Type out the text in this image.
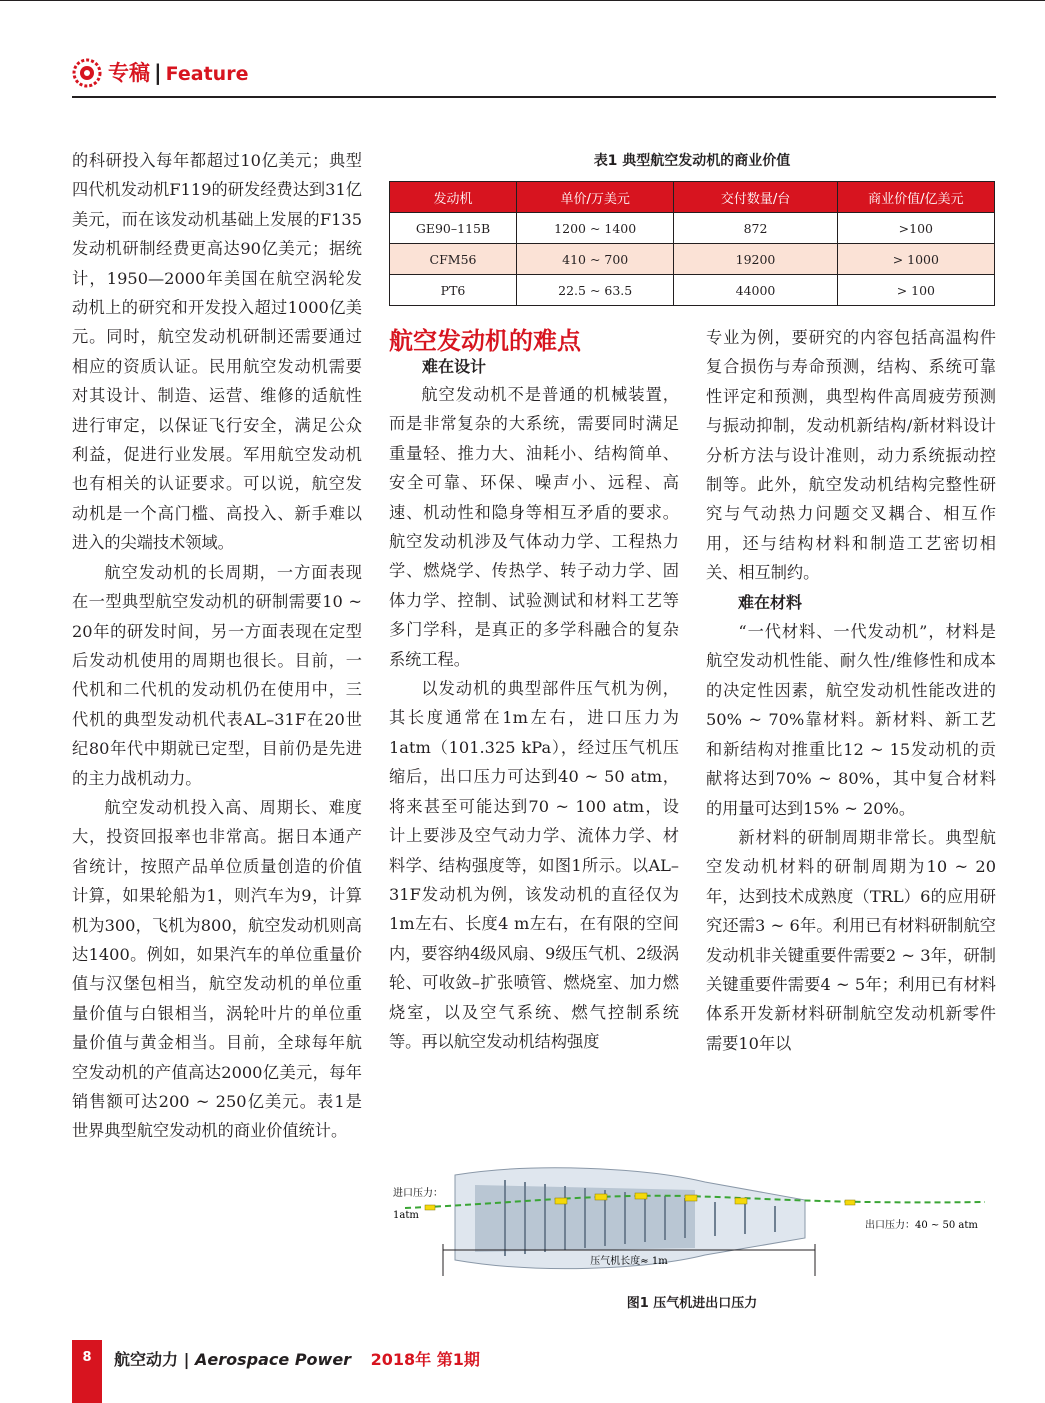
专稿 | Feature

的科研投入每年都超过10亿美元；典型四代机发动机F119的研发经费达到31亿美元，而在该发动机基础上发展的F135发动机研制经费更高达90亿美元；据统计，1950—2000年美国在航空涡轮发动机上的研究和开发投入超过1000亿美元。同时，航空发动机研制还需要通过相应的资质认证。民用航空发动机需要对其设计、制造、运营、维修的适航性进行审定，以保证飞行安全，满足公众利益，促进行业发展。军用航空发动机也有相关的认证要求。可以说，航空发动机是一个高门槛、高投入、新手难以进入的尖端技术领域。

航空发动机的长周期，一方面表现在一型典型航空发动机的研制需要10 ~ 20年的研发时间，另一方面表现在定型后发动机使用的周期也很长。目前，一代机和二代机的发动机仍在使用中，三代机的典型发动机代表AL–31F在20世纪80年代中期就已定型，目前仍是先进的主力战机动力。

航空发动机投入高、周期长、难度大，投资回报率也非常高。据日本通产省统计，按照产品单位质量创造的价值计算，如果轮船为1，则汽车为9，计算机为300，飞机为800，航空发动机则高达1400。例如，如果汽车的单位重量价值与汉堡包相当，航空发动机的单位重量价值与白银相当，涡轮叶片的单位重量价值与黄金相当。目前，全球每年航空发动机的产值高达2000亿美元，每年销售额可达200 ~ 250亿美元。表1是世界典型航空发动机的商业价值统计。

表1 典型航空发动机的商业价值
发动机	单价/万美元	交付数量/台	商业价值/亿美元
GE90–115B	1200 ~ 1400	872	>100
CFM56	410 ~ 700	19200	> 1000
PT6	22.5 ~ 63.5	44000	> 100
航空发动机的难点
难在设计

航空发动机不是普通的机械装置，而是非常复杂的大系统，需要同时满足重量轻、推力大、油耗小、结构简单、安全可靠、环保、噪声小、远程、高速、机动性和隐身等相互矛盾的要求。航空发动机涉及气体动力学、工程热力学、燃烧学、传热学、转子动力学、固体力学、控制、试验测试和材料工艺等多门学科，是真正的多学科融合的复杂系统工程。

以发动机的典型部件压气机为例，其长度通常在1m左右，进口压力为1atm（101.325 kPa），经过压气机压缩后，出口压力可达到40 ~ 50 atm，将来甚至可能达到70 ~ 100 atm，设计上要涉及空气动力学、流体力学、材料学、结构强度等，如图1所示。以AL–31F发动机为例，该发动机的直径仅为1m左右、长度4 m左右，在有限的空间内，要容纳4级风扇、9级压气机、2级涡轮、可收敛–扩张喷管、燃烧室、加力燃烧室，以及空气系统、燃气控制系统等。再以航空发动机结构强度

专业为例，要研究的内容包括高温构件复合损伤与寿命预测，结构、系统可靠性评定和预测，典型构件高周疲劳预测与振动抑制，发动机新结构/新材料设计分析方法与设计准则，动力系统振动控制等。此外，航空发动机结构完整性研究与气动热力问题交叉耦合、相互作用，还与结构材料和制造工艺密切相关、相互制约。

难在材料

“一代材料、一代发动机”，材料是航空发动机性能、耐久性/维修性和成本的决定性因素，航空发动机性能改进的50% ~ 70%靠材料。新材料、新工艺和新结构对推重比12 ~ 15发动机的贡献将达到70% ~ 80%，其中复合材料的用量可达到15% ~ 20%。

新材料的研制周期非常长。典型航空发动机材料的研制周期为10 ~ 20年，达到技术成熟度（TRL）6的应用研究还需3 ~ 6年。利用已有材料研制航空发动机非关键重要件需要2 ~ 3年，研制关键重要件需要4 ~ 5年；利用已有材料体系开发新材料研制航空发动机新零件需要10年以

进口压力：
1atm
出口压力：40 ~ 50 atm
压气机长度≈ 1m
图1 压气机进出口压力
8	航空动力 | Aerospace Power 2018年 第1期
